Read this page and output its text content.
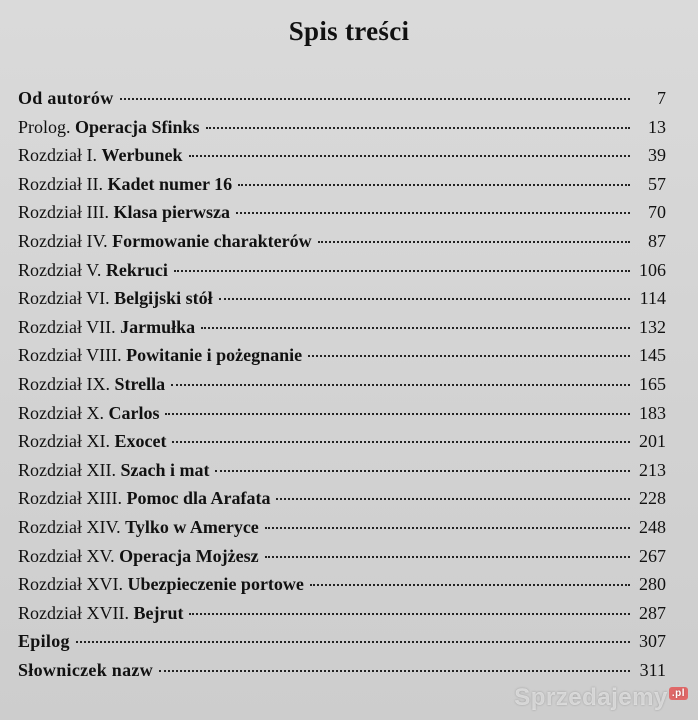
Spis treści
Od autorów	7
Prolog. Operacja Sfinks	13
Rozdział I. Werbunek	39
Rozdział II. Kadet numer 16	57
Rozdział III. Klasa pierwsza	70
Rozdział IV. Formowanie charakterów	87
Rozdział V. Rekruci	106
Rozdział VI. Belgijski stół	114
Rozdział VII. Jarmułka	132
Rozdział VIII. Powitanie i pożegnanie	145
Rozdział IX. Strella	165
Rozdział X. Carlos	183
Rozdział XI. Exocet	201
Rozdział XII. Szach i mat	213
Rozdział XIII. Pomoc dla Arafata	228
Rozdział XIV. Tylko w Ameryce	248
Rozdział XV. Operacja Mojżesz	267
Rozdział XVI. Ubezpieczenie portowe	280
Rozdział XVII. Bejrut	287
Epilog	307
Słowniczek nazw	311
Sprzedajemy .pl
